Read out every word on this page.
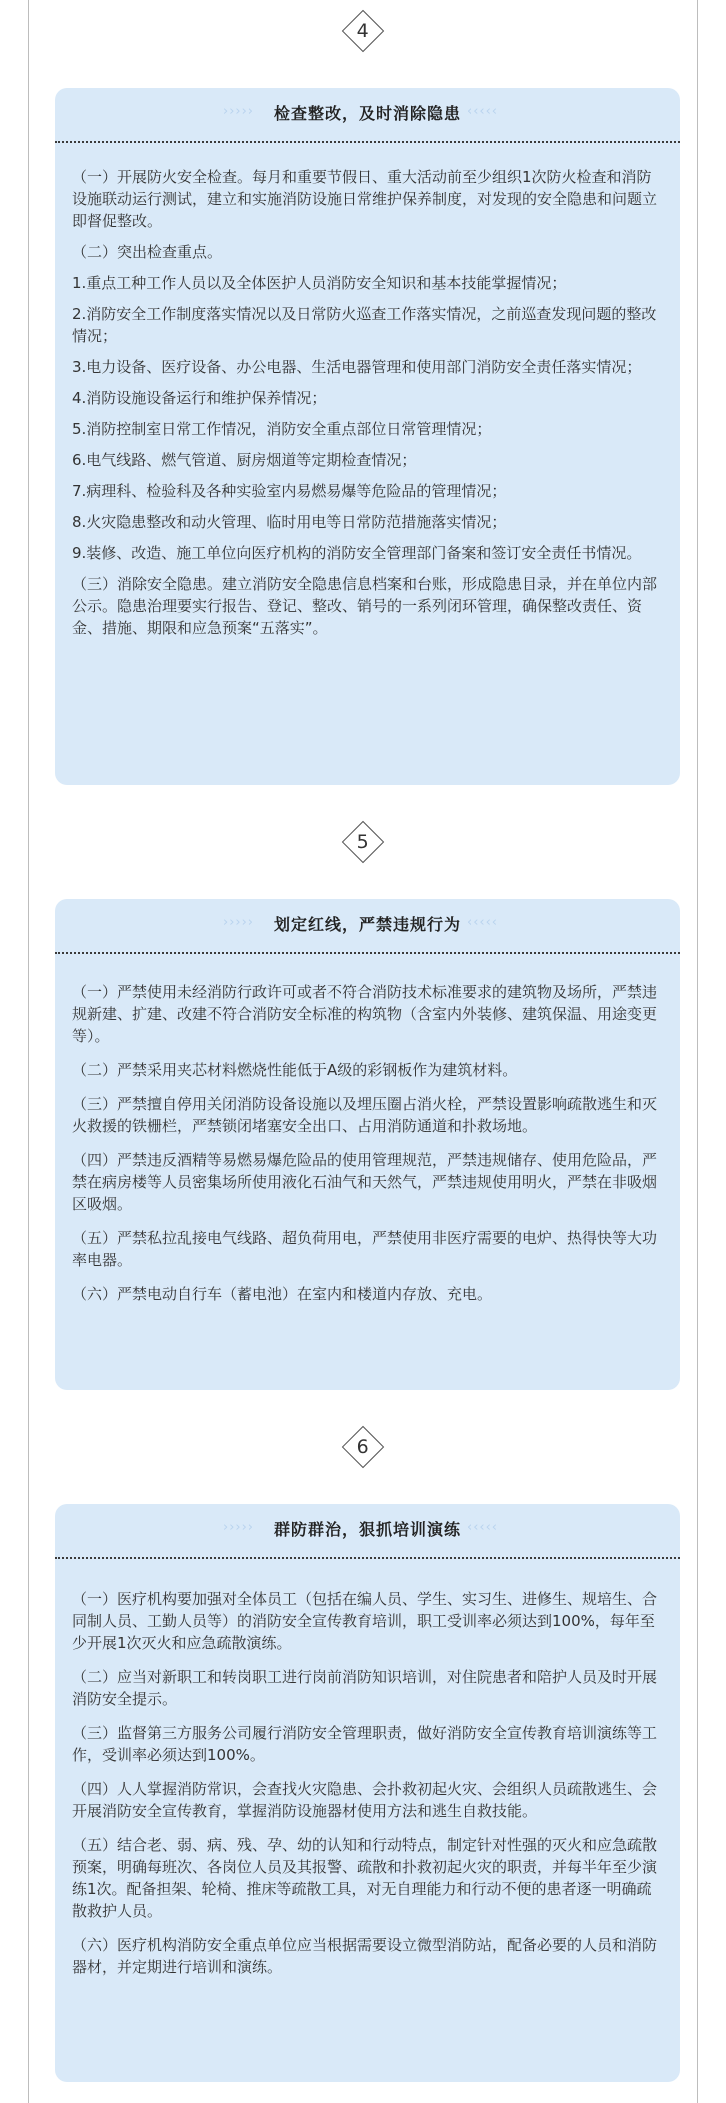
4
››››› 检查整改，及时消除隐患 ‹‹‹‹‹

（一）开展防火安全检查。每月和重要节假日、重大活动前至少组织1次防火检查和消防设施联动运行测试，建立和实施消防设施日常维护保养制度，对发现的安全隐患和问题立即督促整改。

（二）突出检查重点。

1.重点工种工作人员以及全体医护人员消防安全知识和基本技能掌握情况；

2.消防安全工作制度落实情况以及日常防火巡查工作落实情况，之前巡查发现问题的整改情况；

3.电力设备、医疗设备、办公电器、生活电器管理和使用部门消防安全责任落实情况；

4.消防设施设备运行和维护保养情况；

5.消防控制室日常工作情况，消防安全重点部位日常管理情况；

6.电气线路、燃气管道、厨房烟道等定期检查情况；

7.病理科、检验科及各种实验室内易燃易爆等危险品的管理情况；

8.火灾隐患整改和动火管理、临时用电等日常防范措施落实情况；

9.装修、改造、施工单位向医疗机构的消防安全管理部门备案和签订安全责任书情况。

（三）消除安全隐患。建立消防安全隐患信息档案和台账，形成隐患目录，并在单位内部公示。隐患治理要实行报告、登记、整改、销号的一系列闭环管理，确保整改责任、资金、措施、期限和应急预案“五落实”。

5
››››› 划定红线，严禁违规行为 ‹‹‹‹‹

（一）严禁使用未经消防行政许可或者不符合消防技术标准要求的建筑物及场所，严禁违规新建、扩建、改建不符合消防安全标准的构筑物（含室内外装修、建筑保温、用途变更等）。

（二）严禁采用夹芯材料燃烧性能低于A级的彩钢板作为建筑材料。

（三）严禁擅自停用关闭消防设备设施以及埋压圈占消火栓，严禁设置影响疏散逃生和灭火救援的铁栅栏，严禁锁闭堵塞安全出口、占用消防通道和扑救场地。

（四）严禁违反酒精等易燃易爆危险品的使用管理规范，严禁违规储存、使用危险品，严禁在病房楼等人员密集场所使用液化石油气和天然气，严禁违规使用明火，严禁在非吸烟区吸烟。

（五）严禁私拉乱接电气线路、超负荷用电，严禁使用非医疗需要的电炉、热得快等大功率电器。

（六）严禁电动自行车（蓄电池）在室内和楼道内存放、充电。

6
››››› 群防群治，狠抓培训演练 ‹‹‹‹‹

（一）医疗机构要加强对全体员工（包括在编人员、学生、实习生、进修生、规培生、合同制人员、工勤人员等）的消防安全宣传教育培训，职工受训率必须达到100%，每年至少开展1次灭火和应急疏散演练。

（二）应当对新职工和转岗职工进行岗前消防知识培训，对住院患者和陪护人员及时开展消防安全提示。

（三）监督第三方服务公司履行消防安全管理职责，做好消防安全宣传教育培训演练等工作，受训率必须达到100%。

（四）人人掌握消防常识，会查找火灾隐患、会扑救初起火灾、会组织人员疏散逃生、会开展消防安全宣传教育，掌握消防设施器材使用方法和逃生自救技能。

（五）结合老、弱、病、残、孕、幼的认知和行动特点，制定针对性强的灭火和应急疏散预案，明确每班次、各岗位人员及其报警、疏散和扑救初起火灾的职责，并每半年至少演练1次。配备担架、轮椅、推床等疏散工具，对无自理能力和行动不便的患者逐一明确疏散救护人员。

（六）医疗机构消防安全重点单位应当根据需要设立微型消防站，配备必要的人员和消防器材，并定期进行培训和演练。
